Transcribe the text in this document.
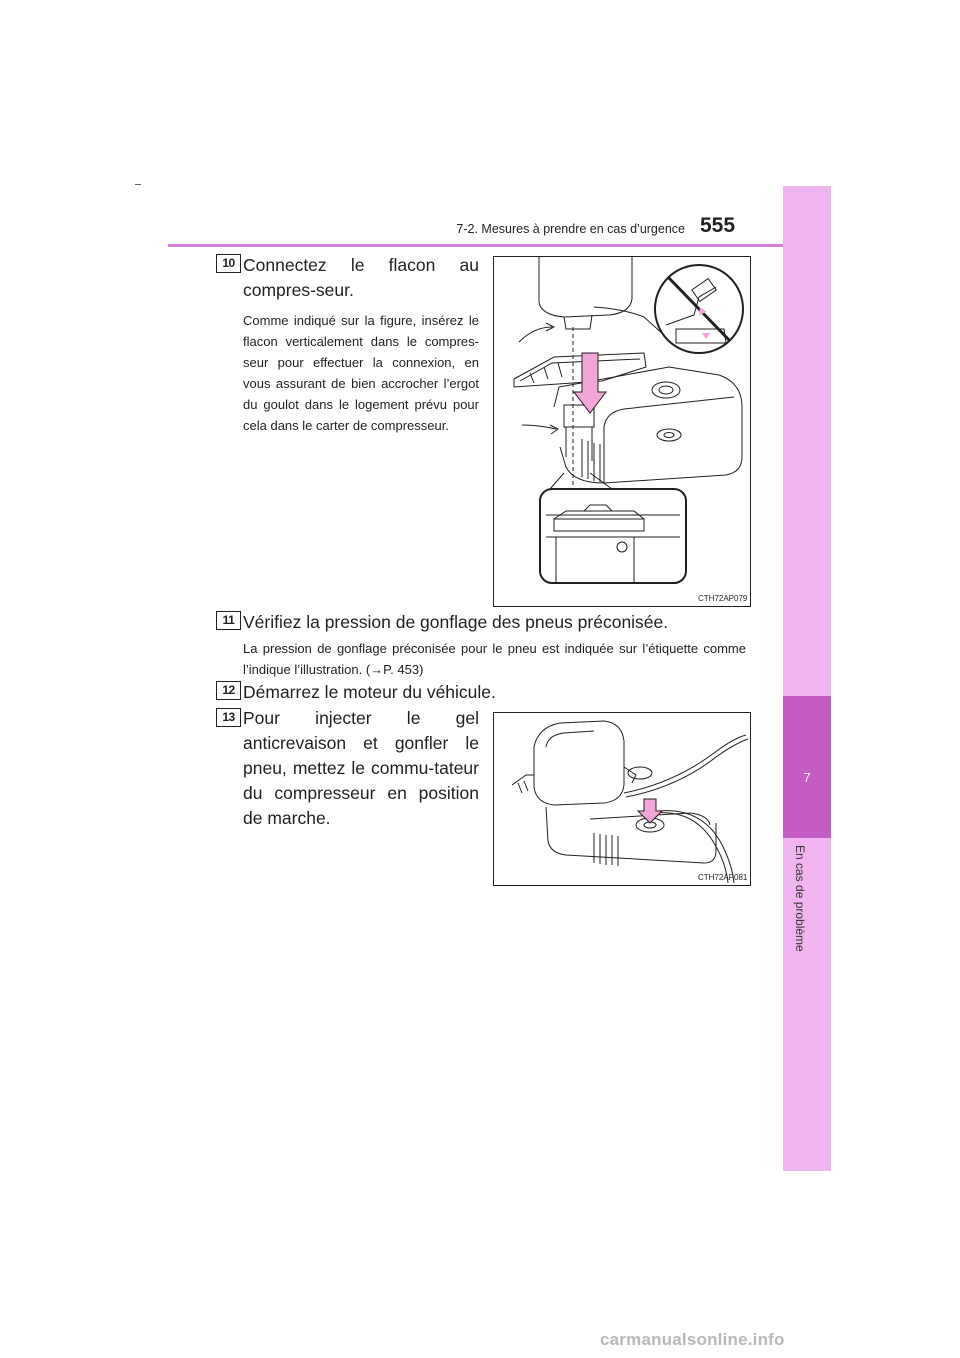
7-2. Mesures à prendre en cas d’urgence 555
7
En cas de problème
10 Connectez le flacon au compres-seur.
Comme indiqué sur la figure, insérez le flacon verticalement dans le compres-seur pour effectuer la connexion, en vous assurant de bien accrocher l’ergot du goulot dans le logement prévu pour cela dans le carter de compresseur.
CTH72AP079
11 Vérifiez la pression de gonflage des pneus préconisée.
La pression de gonflage préconisée pour le pneu est indiquée sur l’étiquette comme l’indique l’illustration. (→P. 453)
12 Démarrez le moteur du véhicule.
13 Pour injecter le gel anticrevaison et gonfler le pneu, mettez le commu-tateur du compresseur en position de marche.
CTH72AP081
carmanualsonline.info
